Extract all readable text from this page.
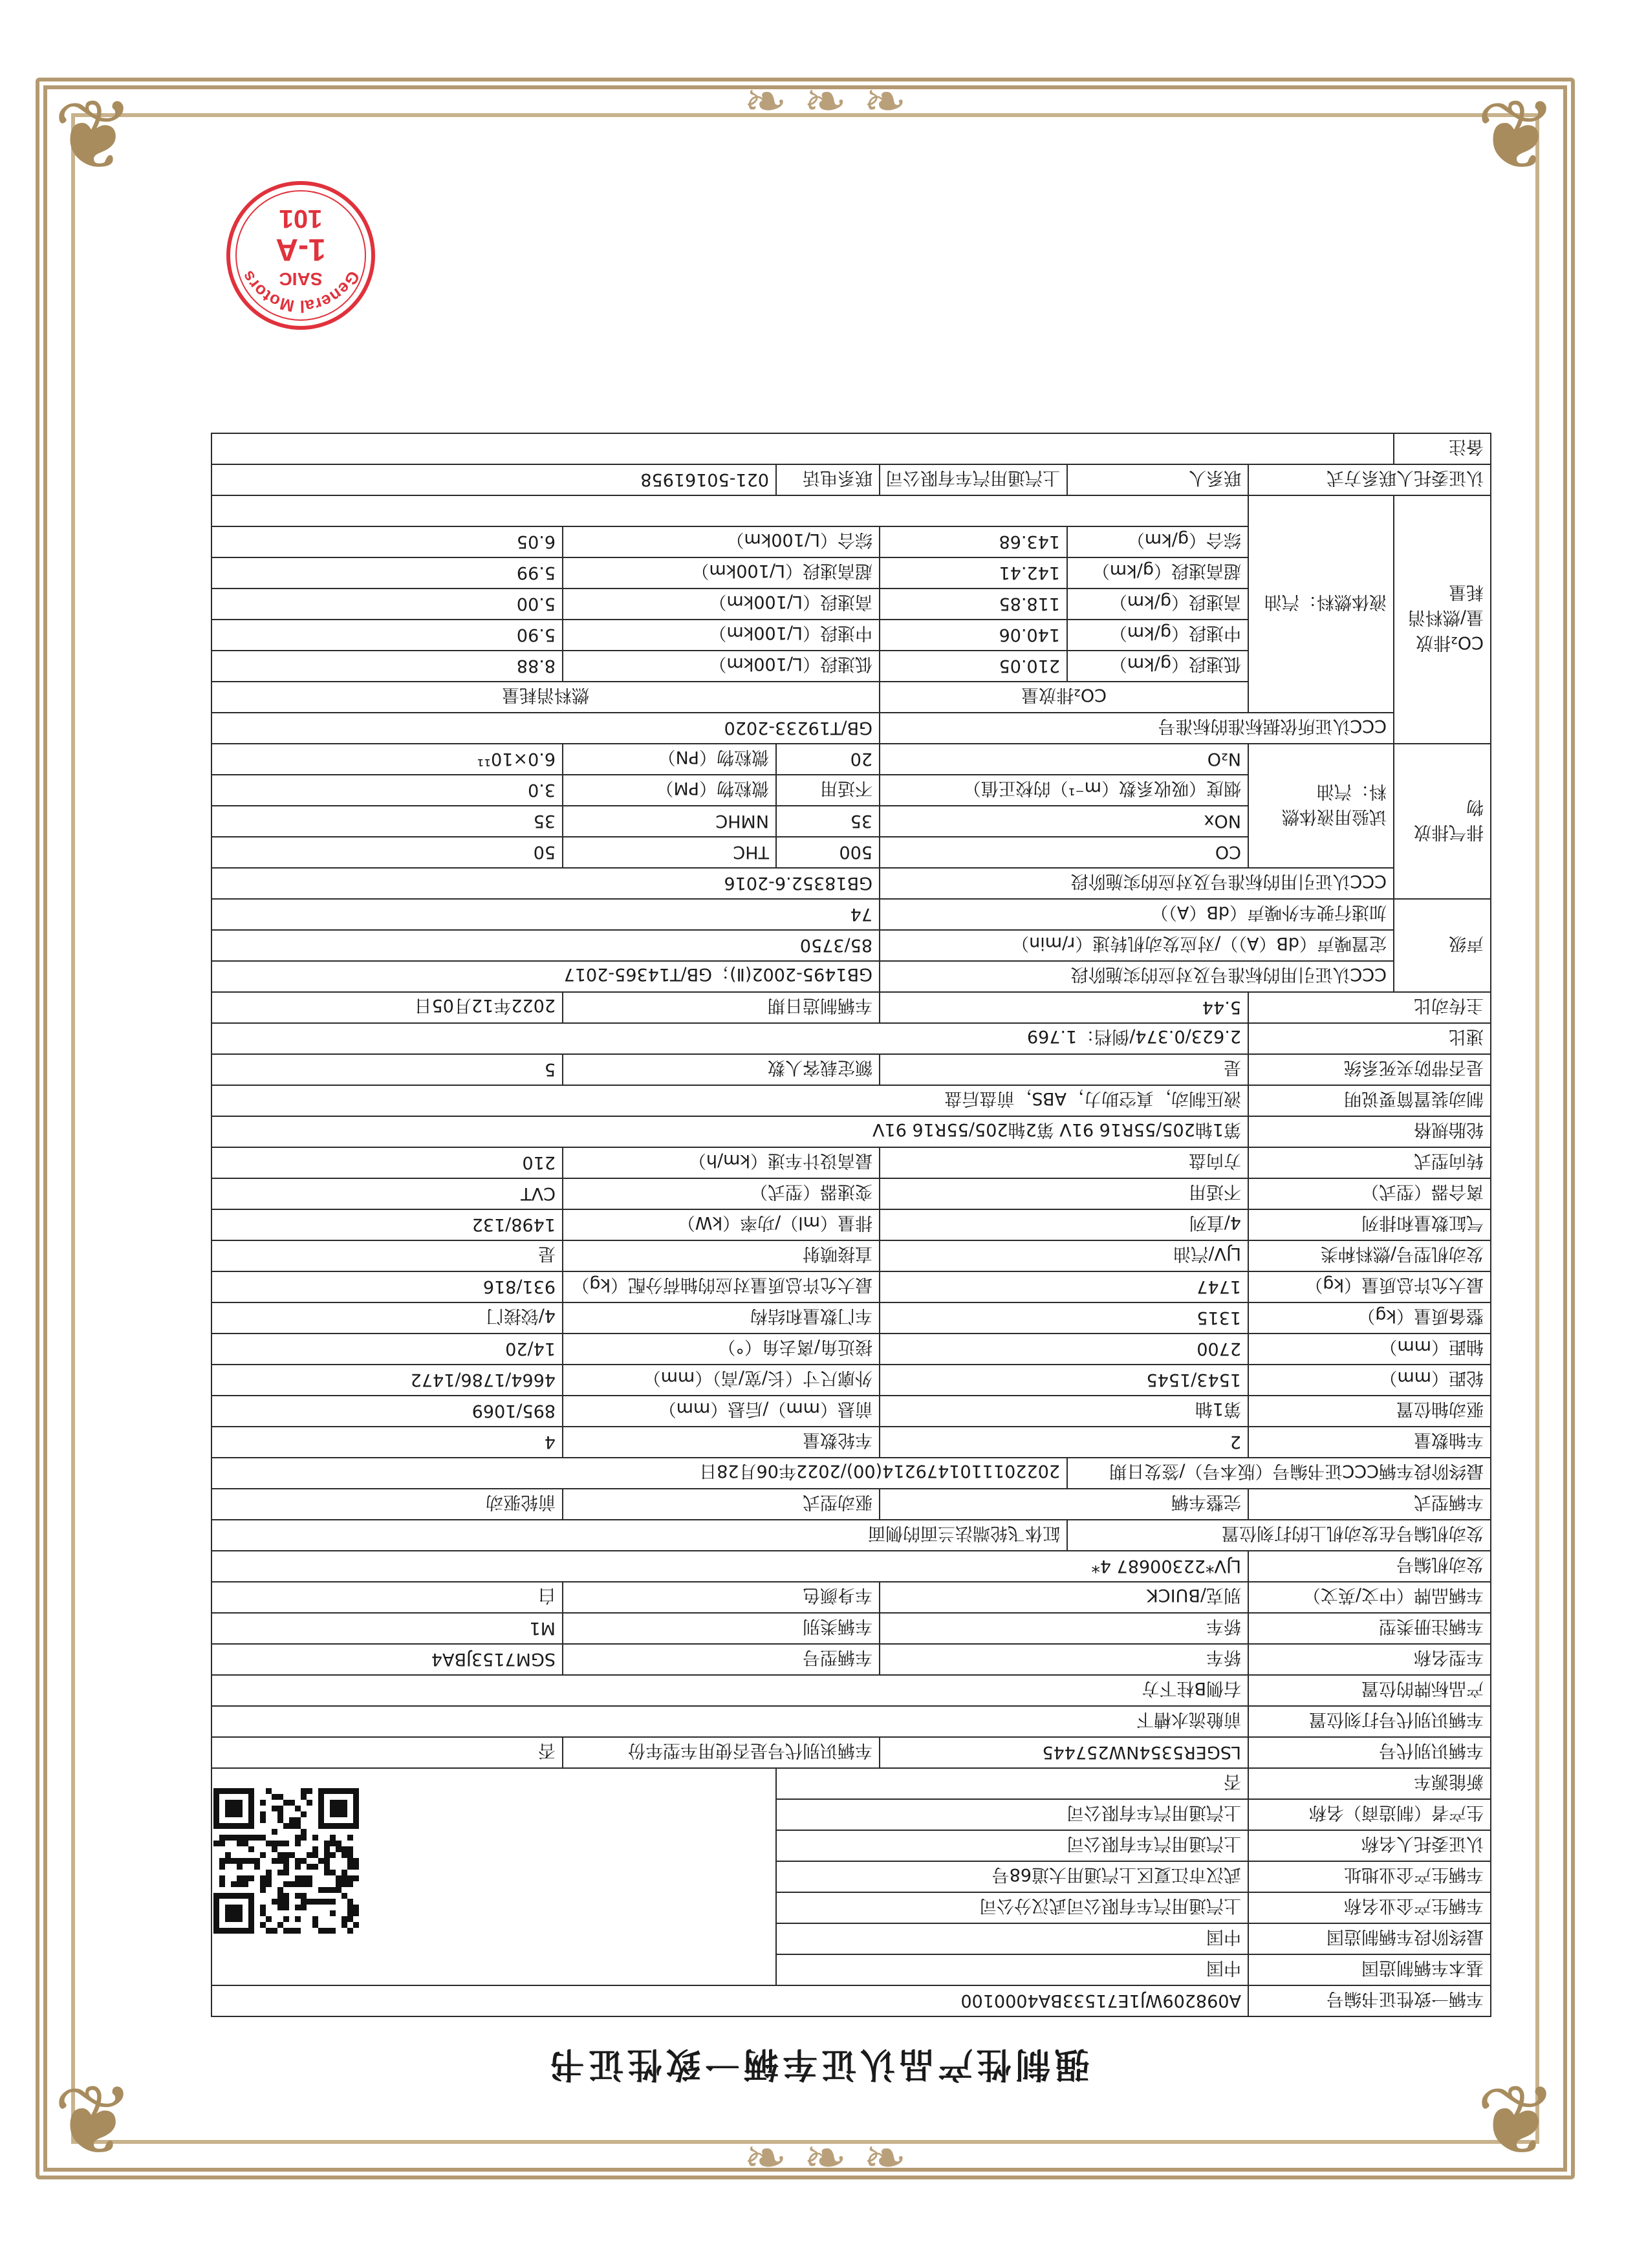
❦	❦
❦	❦
❧ ❧ ❧
❧ ❧ ❧
强制性产品认证车辆一致性证书
车辆一致性证书编号		A098209WJ1E71533BA4000100				
基本车辆制造国		中国				
最终阶段车辆制造国		中国				
车辆生产企业名称		上汽通用汽车有限公司武汉分公司				
车辆生产企业地址		武汉市江夏区上汽通用大道68号				
认证委托人名称		上汽通用汽车有限公司				
生产者（制造商）名称		上汽通用汽车有限公司				
新能源车		否				
车辆识别代号		LSGER5354NW257445		车辆识别代号是否使用车型年份		否
车辆识别代号打刻位置		前舱流水槽下				
产品标牌的位置		右侧B柱下方				
车型名称		轿车		车辆型号		SGM7153JBA4
车辆注册类型		轿车		车辆类别		M1
车辆品牌（中文/英文）		别克/BUICK		车身颜色		白
发动机编号		LJV*22300687 4*				
发动机编号在发动机上的打刻位置			缸体飞轮端法兰面的侧面			
车辆型式		完整车辆		驱动型式		前轮驱动
最终阶段车辆CCC证书编号（版本号）/签发日期			2022011101479214(00)/2022年06月28日			
车轴数量		2		车轮数量		4
驱动轴位置		第1轴		前悬（mm）/后悬（mm）		895/1069
轮距（mm）		1543/1545		外廓尺寸（长/宽/高）（mm）		4664/1786/1472
轴距（mm）		2700		接近角/离去角（°）		14/20
整备质量（kg）		1315		车门数量和结构		4/铰接门
最大允许总质量（kg）		1747		最大允许总质量对应的轴荷分配（kg）		931/816
发动机型号/燃料种类		LJV/汽油		直接喷射		是
气缸数量和排列		4/直列		排量（ml）/功率（kW）		1498/132
离合器（型式）		不适用		变速器（型式）		CVT
转向型式		方向盘		最高设计车速（km/h）		210
轮胎规格		第1轴205/55R16 91V 第2轴205/55R16 91V				
制动装置简要说明		液压制动，真空助力，ABS，前盘后盘				
是否带防夹死系统		是		额定载客人数		5
速比		2.623/0.374/倒档：1.769				
主传动比		5.44		车辆制造日期		2022年12月05日
声级	CCC认证引用的标准号及对应的实施阶段			GB1495-2002(Ⅱ)；GB/T14365-2017		
	定置噪声（dB（A））/对应发动机转速（r/min）			85/3750		
	加速行驶车外噪声（dB（A））			74		
排气排放物	CCC认证引用的标准号及对应的实施阶段			GB18352.6-2016		
	试验用液体燃料：汽油	CO		500	THC	50
		NOx		35	NMHC	35
		烟度（吸收系数（m⁻¹）的校正值）		不适用	微粒物（PM）	3.0
		N₂O		20	微粒物（PN）	6.0×10¹¹
CO₂排放量/燃料消耗量	CCC认证所依据标准的标准号			GB/T19233-2020		
	液体燃料：汽油	CO₂排放量		燃料消耗量		
		低速段（g/km）	210.05	低速段（L/100km）		8.88
		中速段（g/km）	140.06	中速段（L/100km）		5.90
		高速段（g/km）	118.85	高速段（L/100km）		5.00
		超高速段（g/km）	142.41	超高速段（L/100km）		5.99
		综合（g/km）	143.68	综合（L/100km）		6.05

认证委托人联系方式		联系人	上汽通用汽车有限公司	联系电话	021-50161958	
备注						
General Motors	SAIC
1-A
101
